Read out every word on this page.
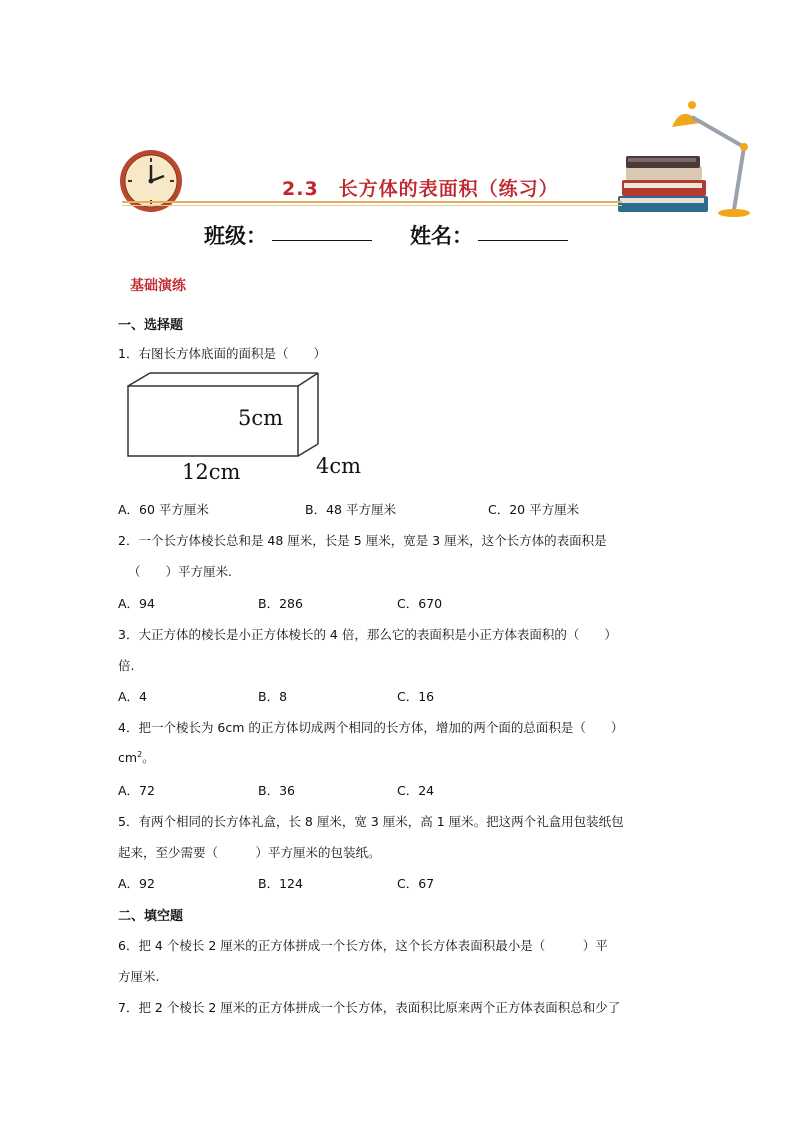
2.3　长方体的表面积（练习）
班级：	姓名：
基础演练
一、选择题
1．右图长方体底面的面积是（　　）
5cm
12cm	4cm
A．60 平方厘米	B．48 平方厘米	C．20 平方厘米
2．一个长方体棱长总和是 48 厘米，长是 5 厘米，宽是 3 厘米，这个长方体的表面积是
（　　）平方厘米.
A．94	B．286	C．670
3．大正方体的棱长是小正方体棱长的 4 倍，那么它的表面积是小正方体表面积的（　　）
倍.
A．4	B．8	C．16
4．把一个棱长为 6cm 的正方体切成两个相同的长方体，增加的两个面的总面积是（　　）
$cm^2$。
A．72	B．36	C．24
5．有两个相同的长方体礼盒，长 8 厘米，宽 3 厘米，高 1 厘米。把这两个礼盒用包装纸包
起来，至少需要（　　　）平方厘米的包装纸。
A．92	B．124	C．67
二、填空题
6．把 4 个棱长 2 厘米的正方体拼成一个长方体，这个长方体表面积最小是（　　　）平
方厘米.
7．把 2 个棱长 2 厘米的正方体拼成一个长方体，表面积比原来两个正方体表面积总和少了
